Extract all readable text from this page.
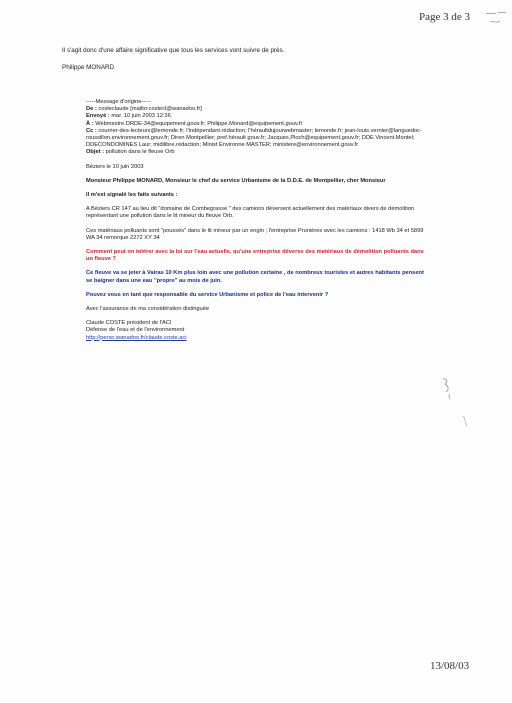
Page 3 de 3

Il s'agit donc d'une affaire significative que tous les services vont suivre de près.

Philippe MONARD

-----Message d'origine-----

De : costeclaude [mailto:costecl@wanadoo.fr]

Envoyé : mar. 10 juin 2003 12:36

À : Webmestre.DRDE-34@equipement.gouv.fr; Philippe.Monard@equipement.gouv.fr

Cc : courrier-des-lecteurs@lemonde.fr; l'indépendant.rédaction; l'héraultdujourwebmaster; lemonde.fr; jean-louis.vernier@languedoc-roussillon.environnement.gouv.fr; Diren Montpellier; pref.hérault gouv.fr; Jacques.Ploch@equipement.gouv.fr; DDE Vincent.Montel; DDECONDOMINES Laur; midilibre.rédaction; Minist Environne MASTER; ministere@environnement.gouv.fr

Objet : pollution dans le fleuve Orb

Béziers le 10 juin 2003

Monsieur Philippe MONARD, Monsieur le chef du service Urbanisme de la D.D.E. de Montpellier, cher Monsieur

Il m'est signalé les faits suivants :

A Béziers CR 147 au lieu dit "domaine de Combegrasse " des camions déversent actuellement des matériaux divers de démolition représentant une pollution dans le lit mineur du fleuve Orb.

Ces matériaux polluants sont "poussés" dans le lit mineur par un engin ; l'entreprise Prunières avec les camions : 1418 Wb 34 et 5899 WA 34 remorque 2272 XY 34

Comment peut on tolérer avec la loi sur l'eau actuelle, qu'une entreprise déverse des matériaux de démolition polluants dans un fleuve ?

Ce fleuve va se jeter à Vairas 10 Km plus loin avec une pollution certaine , de nombreux touristes et autres habitants pensent se baigner dans une eau "propre" au mois de juin.

Pouvez vous en tant que responsable du service Urbanisme et police de l'eau intervenir ?

Avec l'assurance de ma considération distinguée

Claude COSTE président de l'ACI

Défense de l'eau et de l'environnement

http://perso.wanadoo.fr/claude.coste.aci

13/08/03
